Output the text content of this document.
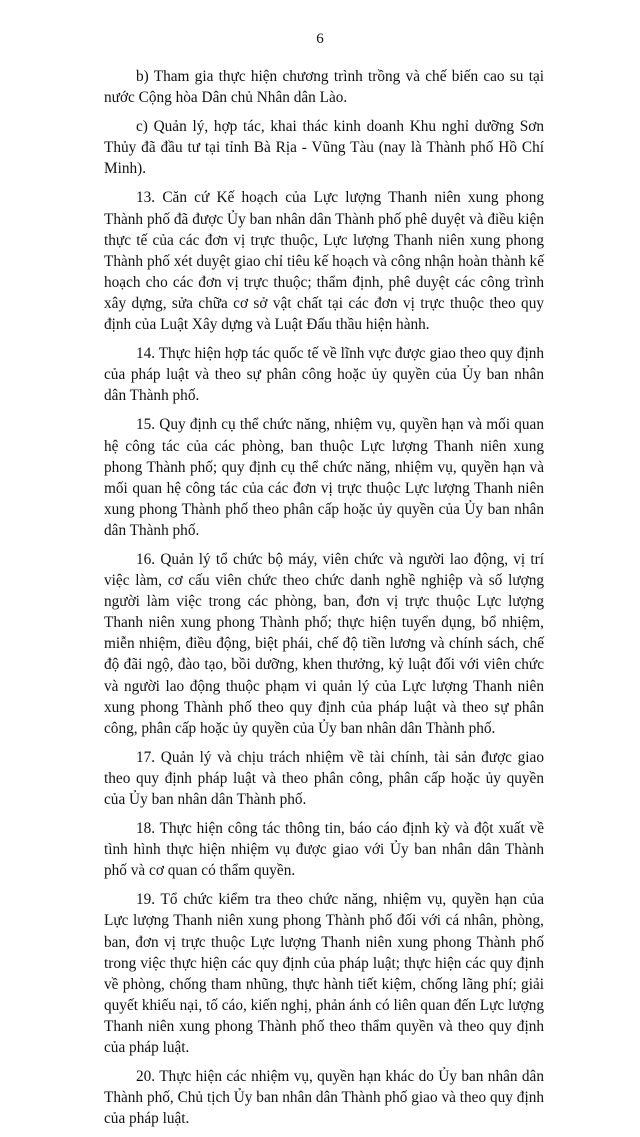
6

b) Tham gia thực hiện chương trình trồng và chế biến cao su tại nước Cộng hòa Dân chủ Nhân dân Lào.

c) Quản lý, hợp tác, khai thác kinh doanh Khu nghỉ dưỡng Sơn Thủy đã đầu tư tại tỉnh Bà Rịa - Vũng Tàu (nay là Thành phố Hồ Chí Minh).

13. Căn cứ Kế hoạch của Lực lượng Thanh niên xung phong Thành phố đã được Ủy ban nhân dân Thành phố phê duyệt và điều kiện thực tế của các đơn vị trực thuộc, Lực lượng Thanh niên xung phong Thành phố xét duyệt giao chỉ tiêu kế hoạch và công nhận hoàn thành kế hoạch cho các đơn vị trực thuộc; thẩm định, phê duyệt các công trình xây dựng, sửa chữa cơ sở vật chất tại các đơn vị trực thuộc theo quy định của Luật Xây dựng và Luật Đấu thầu hiện hành.

14. Thực hiện hợp tác quốc tế về lĩnh vực được giao theo quy định của pháp luật và theo sự phân công hoặc ủy quyền của Ủy ban nhân dân Thành phố.

15. Quy định cụ thể chức năng, nhiệm vụ, quyền hạn và mối quan hệ công tác của các phòng, ban thuộc Lực lượng Thanh niên xung phong Thành phố; quy định cụ thể chức năng, nhiệm vụ, quyền hạn và mối quan hệ công tác của các đơn vị trực thuộc Lực lượng Thanh niên xung phong Thành phố theo phân cấp hoặc ủy quyền của Ủy ban nhân dân Thành phố.

16. Quản lý tổ chức bộ máy, viên chức và người lao động, vị trí việc làm, cơ cấu viên chức theo chức danh nghề nghiệp và số lượng người làm việc trong các phòng, ban, đơn vị trực thuộc Lực lượng Thanh niên xung phong Thành phố; thực hiện tuyển dụng, bổ nhiệm, miễn nhiệm, điều động, biệt phái, chế độ tiền lương và chính sách, chế độ đãi ngộ, đào tạo, bồi dưỡng, khen thưởng, kỷ luật đối với viên chức và người lao động thuộc phạm vi quản lý của Lực lượng Thanh niên xung phong Thành phố theo quy định của pháp luật và theo sự phân công, phân cấp hoặc ủy quyền của Ủy ban nhân dân Thành phố.

17. Quản lý và chịu trách nhiệm về tài chính, tài sản được giao theo quy định pháp luật và theo phân công, phân cấp hoặc ủy quyền của Ủy ban nhân dân Thành phố.

18. Thực hiện công tác thông tin, báo cáo định kỳ và đột xuất về tình hình thực hiện nhiệm vụ được giao với Ủy ban nhân dân Thành phố và cơ quan có thẩm quyền.

19. Tổ chức kiểm tra theo chức năng, nhiệm vụ, quyền hạn của Lực lượng Thanh niên xung phong Thành phố đối với cá nhân, phòng, ban, đơn vị trực thuộc Lực lượng Thanh niên xung phong Thành phố trong việc thực hiện các quy định của pháp luật; thực hiện các quy định về phòng, chống tham nhũng, thực hành tiết kiệm, chống lãng phí; giải quyết khiếu nại, tố cáo, kiến nghị, phản ánh có liên quan đến Lực lượng Thanh niên xung phong Thành phố theo thẩm quyền và theo quy định của pháp luật.

20. Thực hiện các nhiệm vụ, quyền hạn khác do Ủy ban nhân dân Thành phố, Chủ tịch Ủy ban nhân dân Thành phố giao và theo quy định của pháp luật.
